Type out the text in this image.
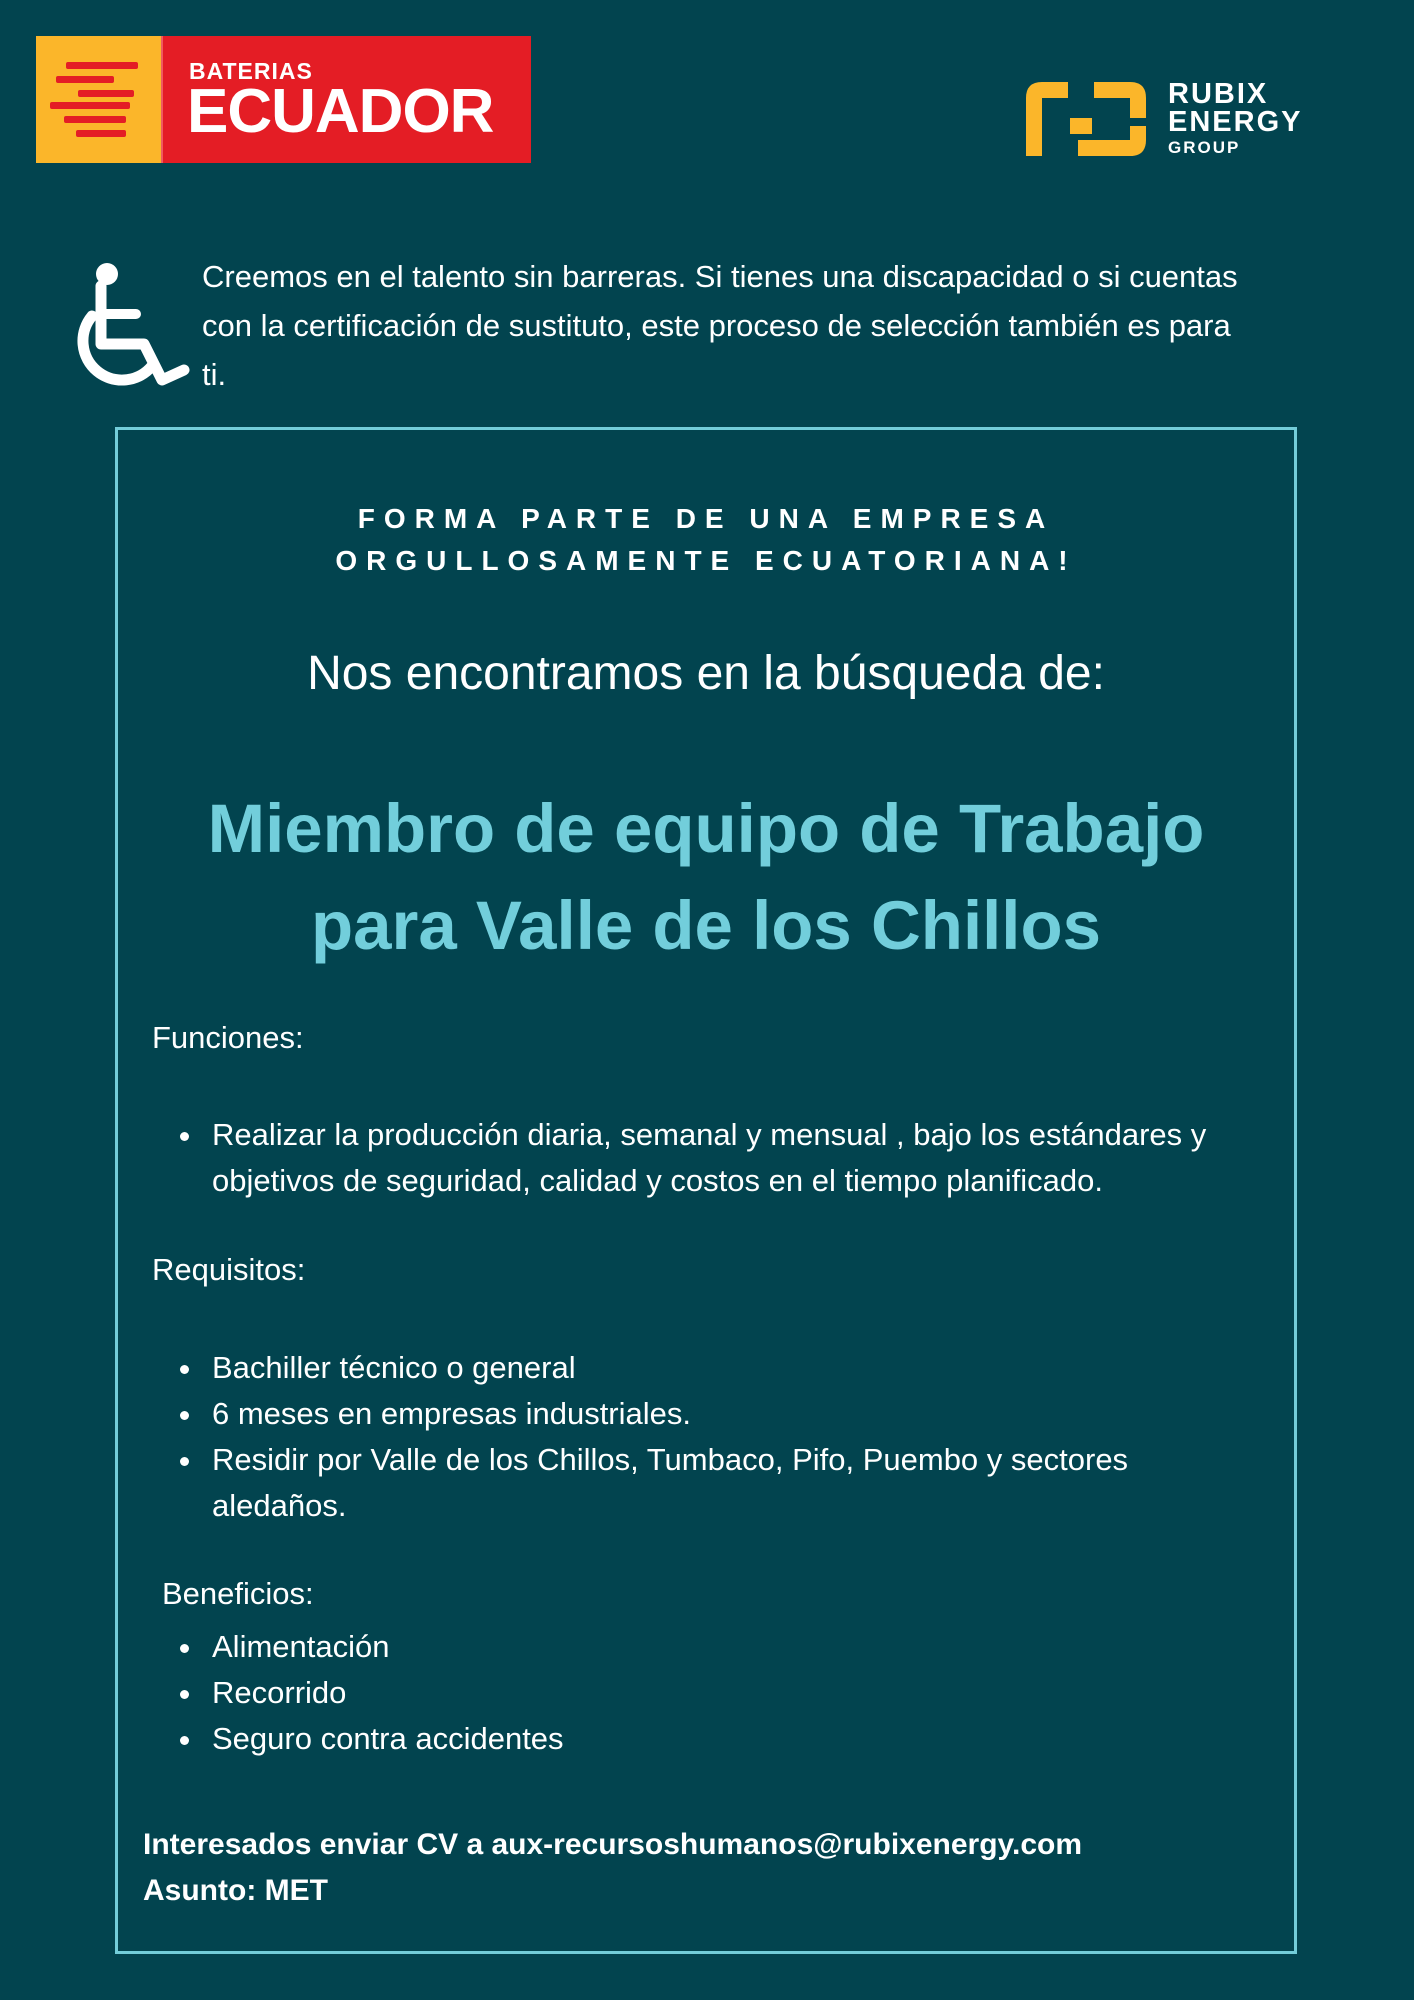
BATERIAS
ECUADOR	RUBIX
ENERGY
GROUP
Creemos en el talento sin barreras. Si tienes una discapacidad o si cuentas con la certificación de sustituto, este proceso de selección también es para ti.
FORMA PARTE DE UNA EMPRESA
ORGULLOSAMENTE ECUATORIANA!
Nos encontramos en la búsqueda de:
Miembro de equipo de Trabajo
para Valle de los Chillos
Funciones:
Realizar la producción diaria, semanal y mensual , bajo los estándares y objetivos de seguridad, calidad y costos en el tiempo planificado.
Requisitos:
Bachiller técnico o general
6 meses en empresas industriales.
Residir por Valle de los Chillos, Tumbaco, Pifo, Puembo y sectores aledaños.
Beneficios:
Alimentación
Recorrido
Seguro contra accidentes
Interesados enviar CV a aux-recursoshumanos@rubixenergy.com
Asunto: MET
